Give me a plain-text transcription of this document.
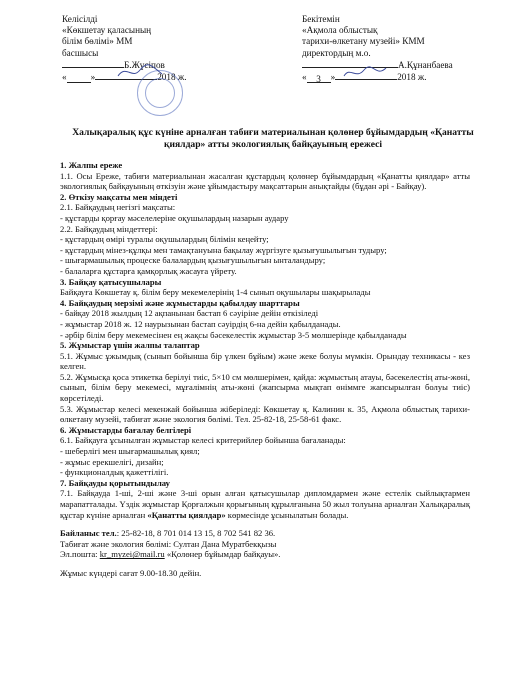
Келісілді
«Көкшетау қаласының
білім бөлімі» ММ
басшысы
Б.Жүсіпов
«	»	2018 ж.
Бекітемін
«Ақмола облыстық
тарихи-өлкетану музейі» КММ
директордың м.о.
А.Құнанбаева
« 3 »	2018 ж.
Халықаралық құс күніне арналған табиғи материалынан қолөнер бұйымдардың «Қанатты қиялдар» атты экологиялық байқауының ережесі
1. Жалпы ереже
1.1. Осы Ереже, табиғи материалынан жасалған құстардың қолөнер бұйымдардың «Қанатты қиялдар» атты экологиялық байқауының өткізуін және ұйымдастыру мақсаттарын анықтайды (бұдан әрі - Байқау).
2. Өткізу мақсаты мен міндеті
2.1. Байқаудың негізгі мақсаты:
- құстарды қорғау мәселелеріне оқушылардың назарын аудару
2.2. Байқаудың міндеттері:
- құстардың өмірі туралы оқушылардың білімін кеңейту;
- құстардың мінез-құлқы мен тамақтануына бақылау жүргізуге қызығушылығын тудыру;
- шығармашылық процеске балалардың қызығушылығын ынталандыру;
- балаларға құстарға қамқорлық жасауға үйрету.
3. Байқау қатысушылары
Байқауға Көкшетау қ. білім беру мекемелерінің 1-4 сынып оқушылары шақырылады
4. Байқаудың мерзімі және жұмыстарды қабылдау шарттары
- байқау 2018 жылдың 12 ақпанынан бастап 6 сәуіріне дейін өткізіледі
- жұмыстар 2018 ж. 12 наурызынан бастап сәуірдің 6-на дейін қабылданады.
- әрбір білім беру мекемесінен ең жақсы бәсекелестік жұмыстар 3-5 мөлшерінде қабылданады
5. Жұмыстар үшін жалпы талаптар
5.1. Жұмыс ұжымдық (сынып бойынша бір үлкен бұйым) және жеке болуы мүмкін. Орындау техникасы - кез келген.
5.2. Жұмысқа қоса этикетка берілуі тиіс, 5×10 см мөлшерімен, қайда: жұмыстың атауы, бәсекелестің аты-жөні, сынып, білім беру мекемесі, мұғалімнің аты-жөні (жапсырма мықтап өніммге жапсырылған болуы тиіс) көрсетіледі.
5.3. Жұмыстар келесі мекенжай бойынша жіберіледі: Көкшетау қ. Калинин к. 35, Ақмола облыстық тарихи-өлкетану музейі, табиғат және экология бөлімі. Тел. 25-82-18, 25-58-61 факс.
6. Жұмыстарды бағалау белгілері
6.1. Байқауға ұсынылған жұмыстар келесі критерийлер бойынша бағаланады:
- шеберлігі мен шығармашылық қиял;
- жұмыс ерекшелігі, дизайн;
- функционалдық қажеттілігі.
7. Байқауды қорытындылау
7.1. Байқауда 1-ші, 2-ші және 3-ші орын алған қатысушылар дипломдармен және естелік сыйлықтармен марапатталады. Үздік жұмыстар Қорғалжын қорығының құрылғанына 50 жыл толуына арналған Халықаралық құстар күніне арналған «Қанатты қиялдар» көрмесінде ұсынылатын болады.
Байланыс тел.: 25-82-18, 8 701 014 13 15, 8 702 541 82 36.
Табиғат және экология бөлімі: Султан Дана Муратбекқызы
Эл.пошта: kr_myzei@mail.ru «Қолөнер бұйымдар байқауы».
Жұмыс күндері сағат 9.00-18.30 дейін.
